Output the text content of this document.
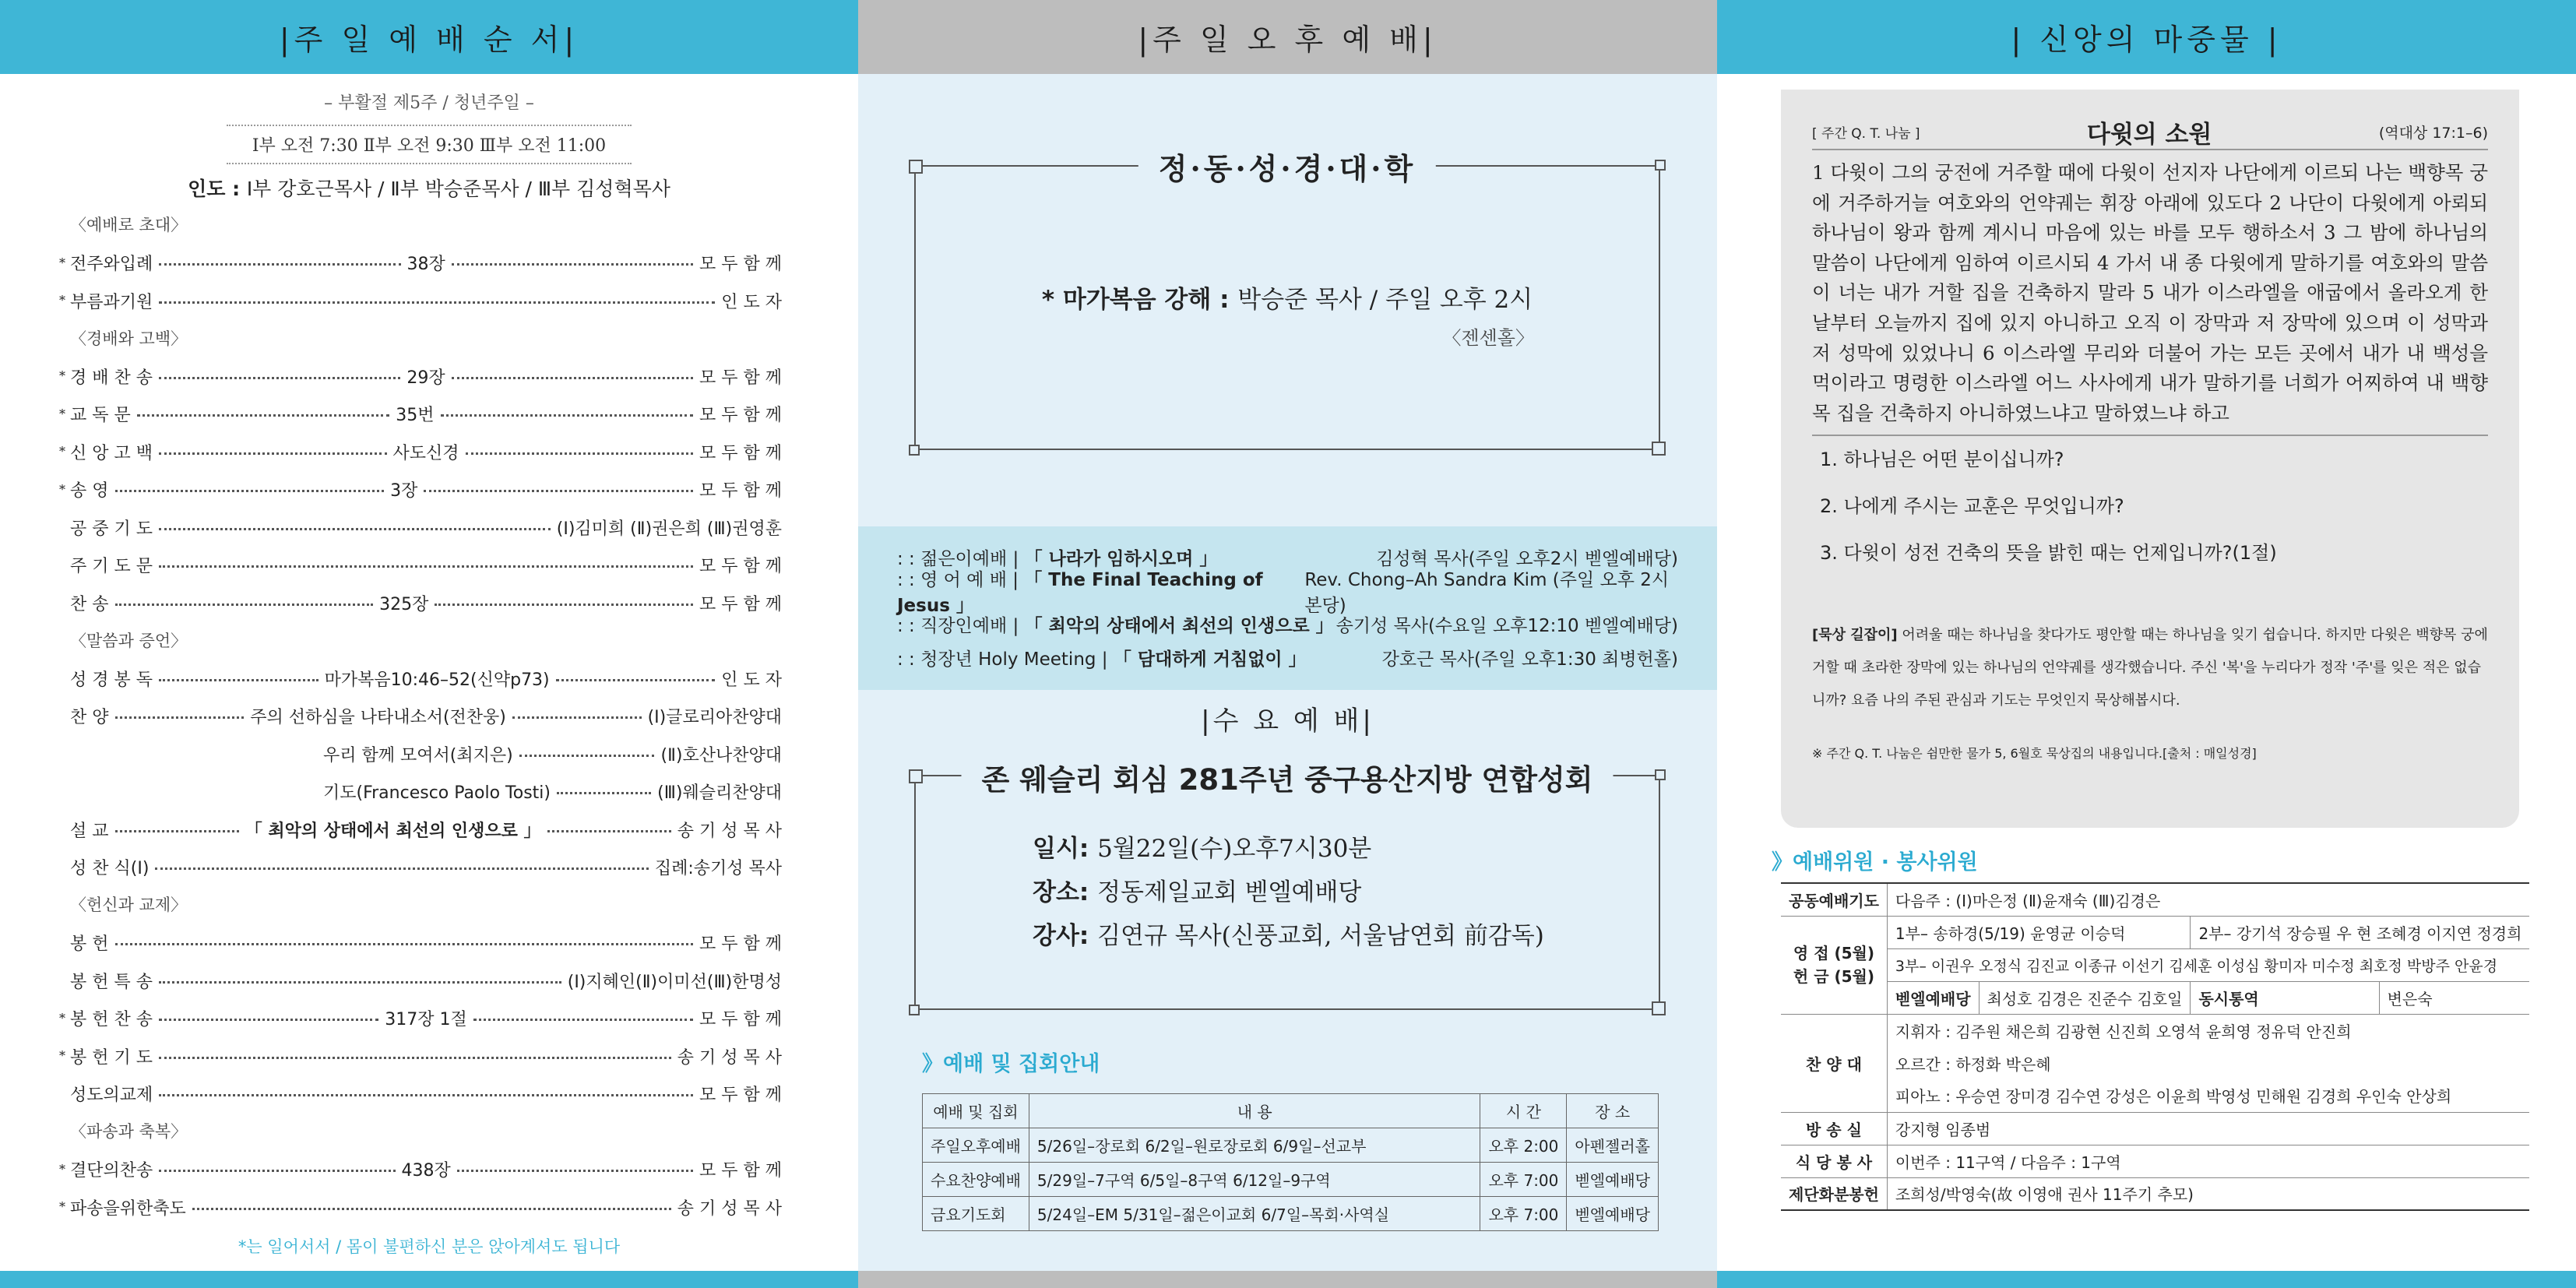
|주 일 예 배 순 서|
– 부활절 제5주 / 청년주일 –
Ⅰ부 오전 7:30 Ⅱ부 오전 9:30 Ⅲ부 오전 11:00
인도 : Ⅰ부 강호근목사 / Ⅱ부 박승준목사 / Ⅲ부 김성혁목사
〈예배로 초대〉
* 전주와입례	38장	모 두 함 께
* 부름과기원	인 도 자
〈경배와 고백〉
* 경 배 찬 송	29장	모 두 함 께
* 교 독 문	35번	모 두 함 께
* 신 앙 고 백	사도신경	모 두 함 께
* 송 영	3장	모 두 함 께
공 중 기 도	(Ⅰ)김미희 (Ⅱ)권은희 (Ⅲ)권영훈
주 기 도 문	모 두 함 께
찬 송	325장	모 두 함 께
〈말씀과 증언〉
성 경 봉 독	마가복음10:46–52(신약p73)	인 도 자
찬 양	주의 선하심을 나타내소서(전찬웅)	(Ⅰ)글로리아찬양대
우리 함께 모여서(최지은)	(Ⅱ)호산나찬양대
기도(Francesco Paolo Tosti)	(Ⅲ)웨슬리찬양대
설 교	「 최악의 상태에서 최선의 인생으로 」	송 기 성 목 사
성 찬 식(Ⅰ)	집례:송기성 목사
〈헌신과 교제〉
봉 헌	모 두 함 께
봉 헌 특 송	(Ⅰ)지혜인(Ⅱ)이미선(Ⅲ)한명성
* 봉 헌 찬 송	317장 1절	모 두 함 께
* 봉 헌 기 도	송 기 성 목 사
성도의교제	모 두 함 께
〈파송과 축복〉
* 결단의찬송	438장	모 두 함 께
* 파송을위한축도	송 기 성 목 사
*는 일어서서 / 몸이 불편하신 분은 앉아계셔도 됩니다
|주 일 오 후 예 배|
정·동·성·경·대·학
* 마가복음 강해 : 박승준 목사 / 주일 오후 2시
〈젠센홀〉
: : 젊은이예배 | 「 나라가 임하시오며 」	김성혁 목사(주일 오후2시 벧엘예배당)
: : 영 어 예 배 | 「 The Final Teaching of Jesus 」
Rev. Chong–Ah Sandra Kim (주일 오후 2시 본당)
: : 직장인예배 | 「 최악의 상태에서 최선의 인생으로 」 송기성 목사(수요일 오후12:10 벧엘예배당)
: : 청장년 Holy Meeting | 「 담대하게 거침없이 」	강호근 목사(주일 오후1:30 최병헌홀)
|수 요 예 배|
존 웨슬리 회심 281주년 중구용산지방 연합성회
일시: 5월22일(수)오후7시30분
장소: 정동제일교회 벧엘예배당
강사: 김연규 목사(신풍교회, 서울남연회 前감독)
》예배 및 집회안내
예배 및 집회	내 용	시 간	장 소
주일오후예배	5/26일–장로회 6/2일–원로장로회 6/9일–선교부	오후 2:00	아펜젤러홀
수요찬양예배	5/29일–7구역 6/5일–8구역 6/12일–9구역	오후 7:00	벧엘예배당
금요기도회	5/24일–EM 5/31일–젊은이교회 6/7일–목회·사역실	오후 7:00	벧엘예배당
| 신앙의 마중물 |
[ 주간 Q. T. 나눔 ]	다윗의 소원	(역대상 17:1–6)
1 다윗이 그의 궁전에 거주할 때에 다윗이 선지자 나단에게 이르되 나는 백향목 궁에 거주하거늘 여호와의 언약궤는 휘장 아래에 있도다 2 나단이 다윗에게 아뢰되 하나님이 왕과 함께 계시니 마음에 있는 바를 모두 행하소서 3 그 밤에 하나님의 말씀이 나단에게 임하여 이르시되 4 가서 내 종 다윗에게 말하기를 여호와의 말씀이 너는 내가 거할 집을 건축하지 말라 5 내가 이스라엘을 애굽에서 올라오게 한 날부터 오늘까지 집에 있지 아니하고 오직 이 장막과 저 장막에 있으며 이 성막과 저 성막에 있었나니 6 이스라엘 무리와 더불어 가는 모든 곳에서 내가 내 백성을 먹이라고 명령한 이스라엘 어느 사사에게 내가 말하기를 너희가 어찌하여 내 백향목 집을 건축하지 아니하였느냐고 말하였느냐 하고
1. 하나님은 어떤 분이십니까?
2. 나에게 주시는 교훈은 무엇입니까?
3. 다윗이 성전 건축의 뜻을 밝힌 때는 언제입니까?(1절)
[묵상 길잡이] 어려울 때는 하나님을 찾다가도 평안할 때는 하나님을 잊기 쉽습니다. 하지만 다윗은 백향목 궁에 거할 때 초라한 장막에 있는 하나님의 언약궤를 생각했습니다. 주신 '복'을 누리다가 정작 '주'를 잊은 적은 없습니까? 요즘 나의 주된 관심과 기도는 무엇인지 묵상해봅시다.
※ 주간 Q. T. 나눔은 쉼만한 물가 5, 6월호 묵상집의 내용입니다.[출처 : 매일성경]
》예배위원 · 봉사위원
공동예배기도	다음주 : (Ⅰ)마은정 (Ⅱ)윤재숙 (Ⅲ)김경은			
영 접 (5월)
헌 금 (5월)	1부– 송하경(5/19) 윤영균 이승덕		2부– 강기석 장승필 우 현 조혜경 이지연 정경희	
	3부– 이권우 오정식 김진교 이종규 이선기 김세훈 이성심 황미자 미수정 최호정 박방주 안윤경			
	벧엘예배당	최성호 김경은 진준수 김호일	동시통역	변은숙
찬 양 대	지휘자 : 김주원 채은희 김광현 신진희 오영석 윤희영 정유덕 안진희			
	오르간 : 하정화 박은혜			
	피아노 : 우승연 장미경 김수연 강성은 이윤희 박영성 민해원 김경희 우인숙 안상희			
방 송 실	강지형 임종범			
식 당 봉 사	이번주 : 11구역 / 다음주 : 1구역			
제단화분봉헌	조희성/박영숙(故 이영애 권사 11주기 추모)			
